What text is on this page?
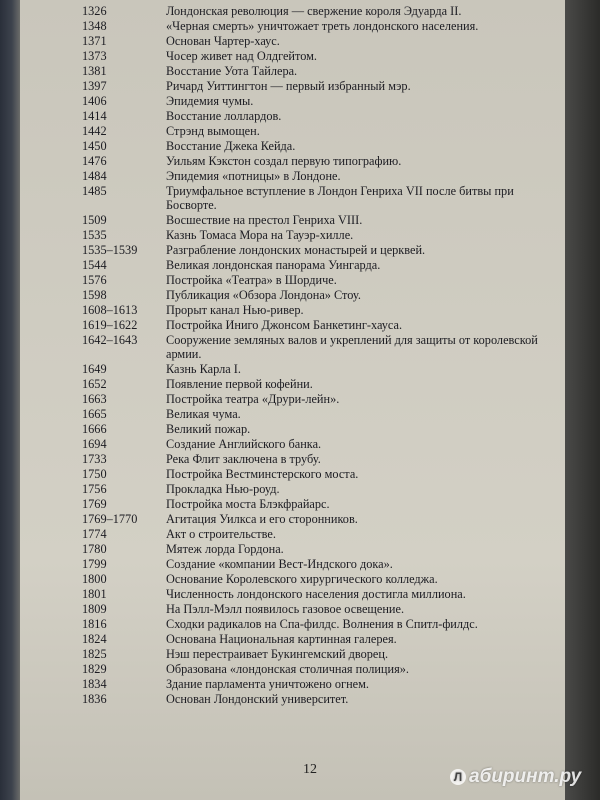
1326	Лондонская революция — свержение короля Эдуарда II.
1348	«Черная смерть» уничтожает треть лондонского населения.
1371	Основан Чартер-хаус.
1373	Чосер живет над Олдгейтом.
1381	Восстание Уота Тайлера.
1397	Ричард Уиттингтон — первый избранный мэр.
1406	Эпидемия чумы.
1414	Восстание лоллардов.
1442	Стрэнд вымощен.
1450	Восстание Джека Кейда.
1476	Уильям Кэкстон создал первую типографию.
1484	Эпидемия «потницы» в Лондоне.
1485	Триумфальное вступление в Лондон Генриха VII после битвы при Босворте.
1509	Восшествие на престол Генриха VIII.
1535	Казнь Томаса Мора на Тауэр-хилле.
1535–1539	Разграбление лондонских монастырей и церквей.
1544	Великая лондонская панорама Уингарда.
1576	Постройка «Театра» в Шордиче.
1598	Публикация «Обзора Лондона» Стоу.
1608–1613	Прорыт канал Нью-ривер.
1619–1622	Постройка Иниго Джонсом Банкетинг-хауса.
1642–1643	Сооружение земляных валов и укреплений для защиты от королевской армии.
1649	Казнь Карла I.
1652	Появление первой кофейни.
1663	Постройка театра «Друри-лейн».
1665	Великая чума.
1666	Великий пожар.
1694	Создание Английского банка.
1733	Река Флит заключена в трубу.
1750	Постройка Вестминстерского моста.
1756	Прокладка Нью-роуд.
1769	Постройка моста Блэкфрайарс.
1769–1770	Агитация Уилкса и его сторонников.
1774	Акт о строительстве.
1780	Мятеж лорда Гордона.
1799	Создание «компании Вест-Индского дока».
1800	Основание Королевского хирургического колледжа.
1801	Численность лондонского населения достигла миллиона.
1809	На Пэлл-Мэлл появилось газовое освещение.
1816	Сходки радикалов на Спа-филдс. Волнения в Спитл-филдс.
1824	Основана Национальная картинная галерея.
1825	Нэш перестраивает Букингемский дворец.
1829	Образована «лондонская столичная полиция».
1834	Здание парламента уничтожено огнем.
1836	Основан Лондонский университет.
12	Л абиринт.ру
